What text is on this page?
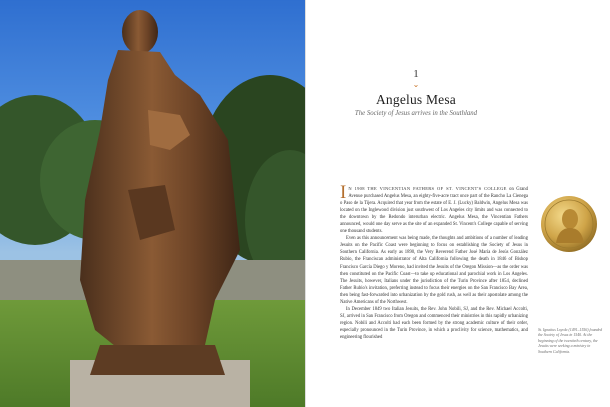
1
⌄
Angelus Mesa
The Society of Jesus arrives in the Southland

I N 1908 THE VINCENTIAN FATHERS OF ST. VINCENT'S COLLEGE on Grand Avenue purchased Angelus Mesa, an eighty-five-acre tract once part of the Rancho La Cienega o Paso de la Tijera. Acquired that year from the estate of E. J. (Lucky) Baldwin, Angelus Mesa was located on the Inglewood division just southwest of Los Angeles city limits and was connected to the downtown by the Redondo interurban electric. Angelus Mesa, the Vincentian Fathers announced, would one day serve as the site of an expanded St. Vincent's College capable of serving one thousand students.

Even as this announcement was being made, the thoughts and ambitions of a number of leading Jesuits on the Pacific Coast were beginning to focus on establishing the Society of Jesus in Southern California. As early as 1890, the Very Reverend Father José María de Jesús González Rubio, the Franciscan administrator of Alta California following the death in 1846 of Bishop Francisco García Diego y Moreno, had invited the Jesuits of the Oregon Mission—as the order was then constituted on the Pacific Coast—to take up educational and parochial work in Los Angeles. The Jesuits, however, Italians under the jurisdiction of the Turin Province after 1854, declined Father Rubio's invitation, preferring instead to focus their energies on the San Francisco Bay Area, then being fast-forwarded into urbanization by the gold rush, as well as their apostolate among the Native Americans of the Northwest.

In December 1849 two Italian Jesuits, the Rev. John Nobili, SJ, and the Rev. Michael Accolti, SJ, arrived in San Francisco from Oregon and commenced their ministries in this rapidly urbanizing region. Nobili and Accolti had each been formed by the strong academic culture of their order, especially pronounced in the Turin Province, in which a proclivity for science, mathematics, and engineering flourished

St. Ignatius Loyola (1491–1556) founded the Society of Jesus in 1540. At the beginning of the twentieth century, the Jesuits were seeking a ministry in Southern California.
